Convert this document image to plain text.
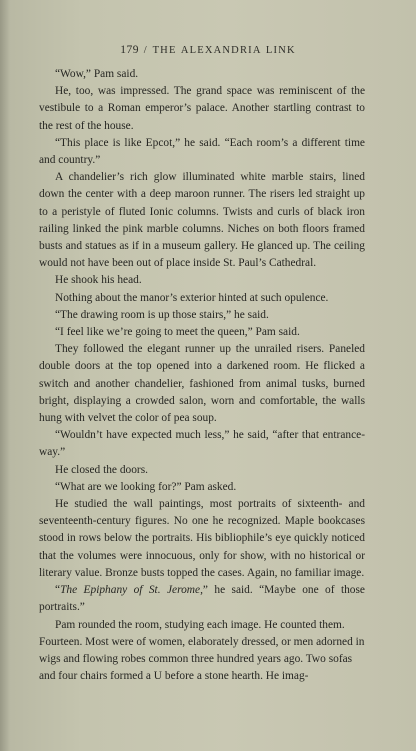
179 / THE ALEXANDRIA LINK

“Wow,” Pam said.

He, too, was impressed. The grand space was reminiscent of the vestibule to a Roman emperor’s palace. Another startling contrast to the rest of the house.

“This place is like Epcot,” he said. “Each room’s a different time and country.”

A chandelier’s rich glow illuminated white marble stairs, lined down the center with a deep maroon runner. The risers led straight up to a peristyle of fluted Ionic columns. Twists and curls of black iron railing linked the pink marble columns. Niches on both floors framed busts and statues as if in a museum gallery. He glanced up. The ceiling would not have been out of place inside St. Paul’s Cathedral.

He shook his head.

Nothing about the manor’s exterior hinted at such opulence.

“The drawing room is up those stairs,” he said.

“I feel like we’re going to meet the queen,” Pam said.

They followed the elegant runner up the unrailed risers. Paneled double doors at the top opened into a darkened room. He flicked a switch and another chandelier, fashioned from animal tusks, burned bright, displaying a crowded salon, worn and comfortable, the walls hung with velvet the color of pea soup.

“Wouldn’t have expected much less,” he said, “after that entrance-way.”

He closed the doors.

“What are we looking for?” Pam asked.

He studied the wall paintings, most portraits of sixteenth- and seventeenth-century figures. No one he recognized. Maple bookcases stood in rows below the portraits. His bibliophile’s eye quickly noticed that the volumes were innocuous, only for show, with no historical or literary value. Bronze busts topped the cases. Again, no familiar image.

“The Epiphany of St. Jerome,” he said. “Maybe one of those portraits.”

Pam rounded the room, studying each image. He counted them. Fourteen. Most were of women, elaborately dressed, or men adorned in wigs and flowing robes common three hundred years ago. Two sofas and four chairs formed a U before a stone hearth. He imag-
